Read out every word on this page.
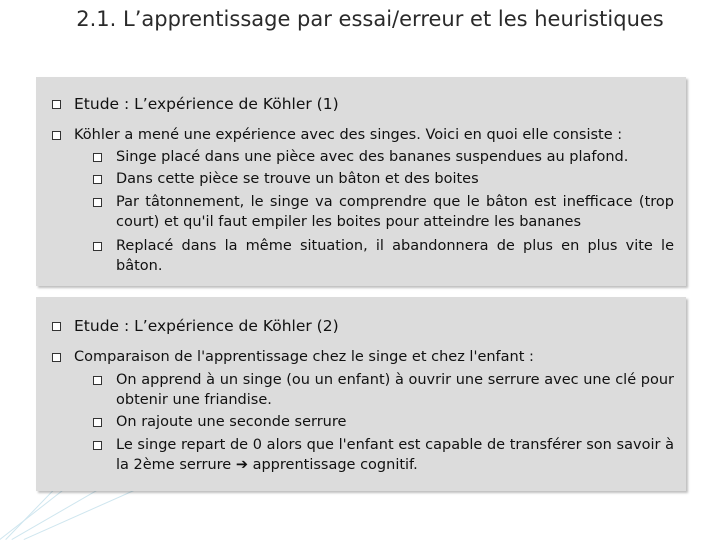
2.1. L’apprentissage par essai/erreur et les heuristiques
Etude : L’expérience de Köhler (1)
Köhler a mené une expérience avec des singes. Voici en quoi elle consiste :
Singe placé dans une pièce avec des bananes suspendues au plafond.
Dans cette pièce se trouve un bâton et des boites
Par tâtonnement, le singe va comprendre que le bâton est inefficace (trop court) et qu'il faut empiler les boites pour atteindre les bananes
Replacé dans la même situation, il abandonnera de plus en plus vite le bâton.
Etude : L’expérience de Köhler (2)
Comparaison de l'apprentissage chez le singe et chez l'enfant :
On apprend à un singe (ou un enfant) à ouvrir une serrure avec une clé pour obtenir une friandise.
On rajoute une seconde serrure
Le singe repart de 0 alors que l'enfant est capable de transférer son savoir à la 2ème serrure ➔ apprentissage cognitif.
